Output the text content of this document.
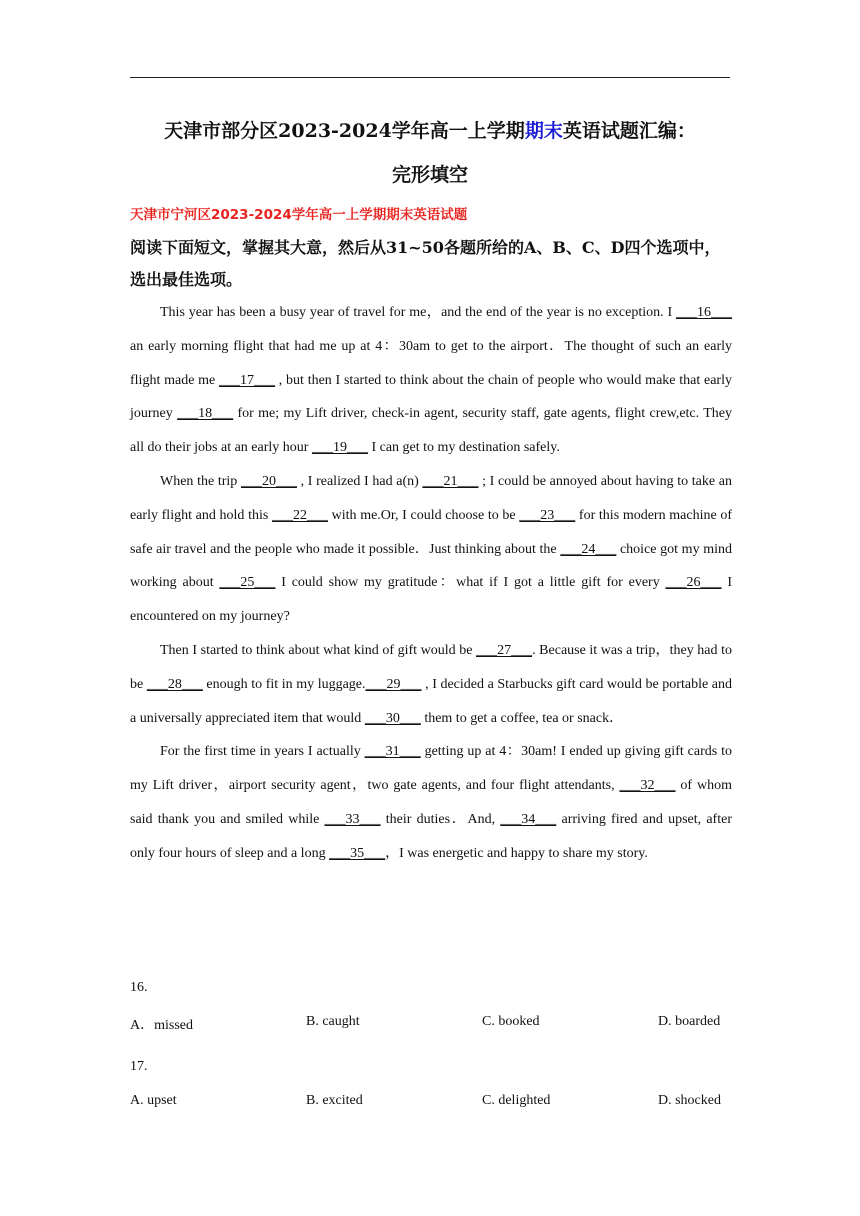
天津市部分区2023-2024学年高一上学期期末英语试题汇编：
完形填空
天津市宁河区2023-2024学年高一上学期期末英语试题
阅读下面短文，掌握其大意，然后从31~50各题所给的A、B、C、D四个选项中，选出最佳选项。

This year has been a busy year of travel for me，and the end of the year is no exception. I ___16___ an early morning flight that had me up at 4：30am to get to the airport．The thought of such an early flight made me ___17___ , but then I started to think about the chain of people who would make that early journey ___18___ for me; my Lift driver, check-in agent, security staff, gate agents, flight crew,etc. They all do their jobs at an early hour ___19___ I can get to my destination safely.

When the trip ___20___ , I realized I had a(n) ___21___ ; I could be annoyed about having to take an early flight and hold this ___22___ with me.Or, I could choose to be ___23___ for this modern machine of safe air travel and the people who made it possible．Just thinking about the ___24___ choice got my mind working about ___25___ I could show my gratitude：what if I got a little gift for every ___26___ I encountered on my journey?

Then I started to think about what kind of gift would be ___27___. Because it was a trip，they had to be ___28___ enough to fit in my luggage.___29___ , I decided a Starbucks gift card would be portable and a universally appreciated item that would ___30___ them to get a coffee, tea or snack．

For the first time in years I actually ___31___ getting up at 4：30am! I ended up giving gift cards to my Lift driver，airport security agent，two gate agents, and four flight attendants, ___32___ of whom said thank you and smiled while ___33___ their duties．And, ___34___ arriving fired and upset, after only four hours of sleep and a long ___35___，I was energetic and happy to share my story.

16.
A．missed	B. caught	C. booked	D. boarded
17.
A. upset	B. excited	C. delighted	D. shocked
